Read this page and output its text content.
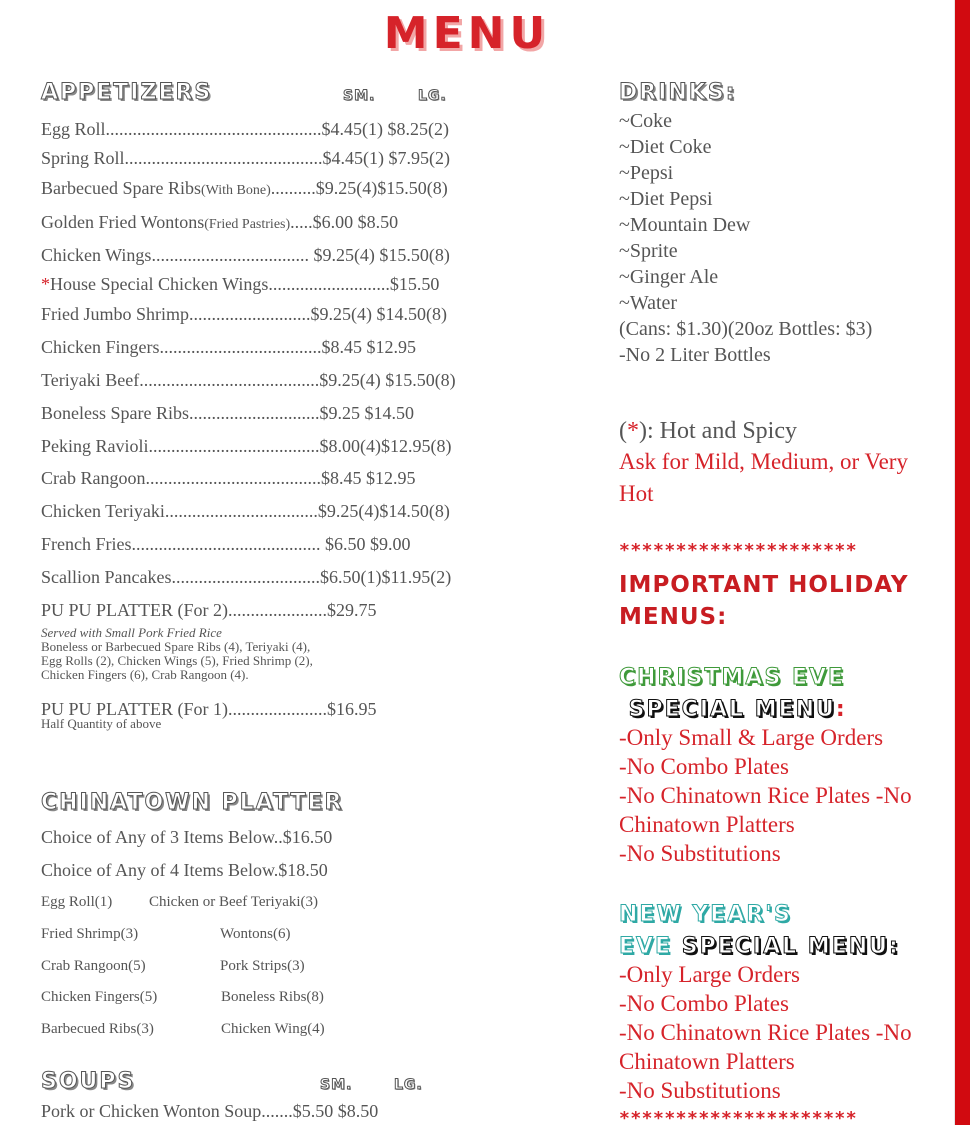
MENU
APPETIZERS	SM.	LG.
Egg Roll................................................$4.45(1) $8.25(2)
Spring Roll............................................$4.45(1) $7.95(2)
Barbecued Spare Ribs(With Bone)..........$9.25(4)$15.50(8)
Golden Fried Wontons(Fried Pastries).....$6.00 $8.50
Chicken Wings................................... $9.25(4) $15.50(8)
*House Special Chicken Wings...........................$15.50
Fried Jumbo Shrimp...........................$9.25(4) $14.50(8)
Chicken Fingers....................................$8.45 $12.95
Teriyaki Beef........................................$9.25(4) $15.50(8)
Boneless Spare Ribs.............................$9.25 $14.50
Peking Ravioli......................................$8.00(4)$12.95(8)
Crab Rangoon.......................................$8.45 $12.95
Chicken Teriyaki..................................$9.25(4)$14.50(8)
French Fries.......................................... $6.50 $9.00
Scallion Pancakes.................................$6.50(1)$11.95(2)
PU PU PLATTER (For 2)......................$29.75
Served with Small Pork Fried Rice
Boneless or Barbecued Spare Ribs (4), Teriyaki (4),
Egg Rolls (2), Chicken Wings (5), Fried Shrimp (2),
Chicken Fingers (6), Crab Rangoon (4).
PU PU PLATTER (For 1)......................$16.95
Half Quantity of above
CHINATOWN PLATTER
Choice of Any of 3 Items Below..$16.50
Choice of Any of 4 Items Below.$18.50
Egg Roll(1) Chicken or Beef Teriyaki(3)
Fried Shrimp(3)	Wontons(6)
Crab Rangoon(5)	Pork Strips(3)
Chicken Fingers(5)	Boneless Ribs(8)
Barbecued Ribs(3)	Chicken Wing(4)
SOUPS	SM.	LG.
Pork or Chicken Wonton Soup.......$5.50 $8.50
DRINKS:
~Coke
~Diet Coke
~Pepsi
~Diet Pepsi
~Mountain Dew
~Sprite
~Ginger Ale
~Water
(Cans: $1.30)(20oz Bottles: $3)
-No 2 Liter Bottles
(*): Hot and Spicy
Ask for Mild, Medium, or Very Hot
*********************
IMPORTANT HOLIDAY MENUS:
CHRISTMAS EVE
SPECIAL MENU:
-Only Small & Large Orders
-No Combo Plates
-No Chinatown Rice Plates -No Chinatown Platters
-No Substitutions
NEW YEAR'S
EVE SPECIAL MENU:
-Only Large Orders
-No Combo Plates
-No Chinatown Rice Plates -No Chinatown Platters
-No Substitutions
*********************
